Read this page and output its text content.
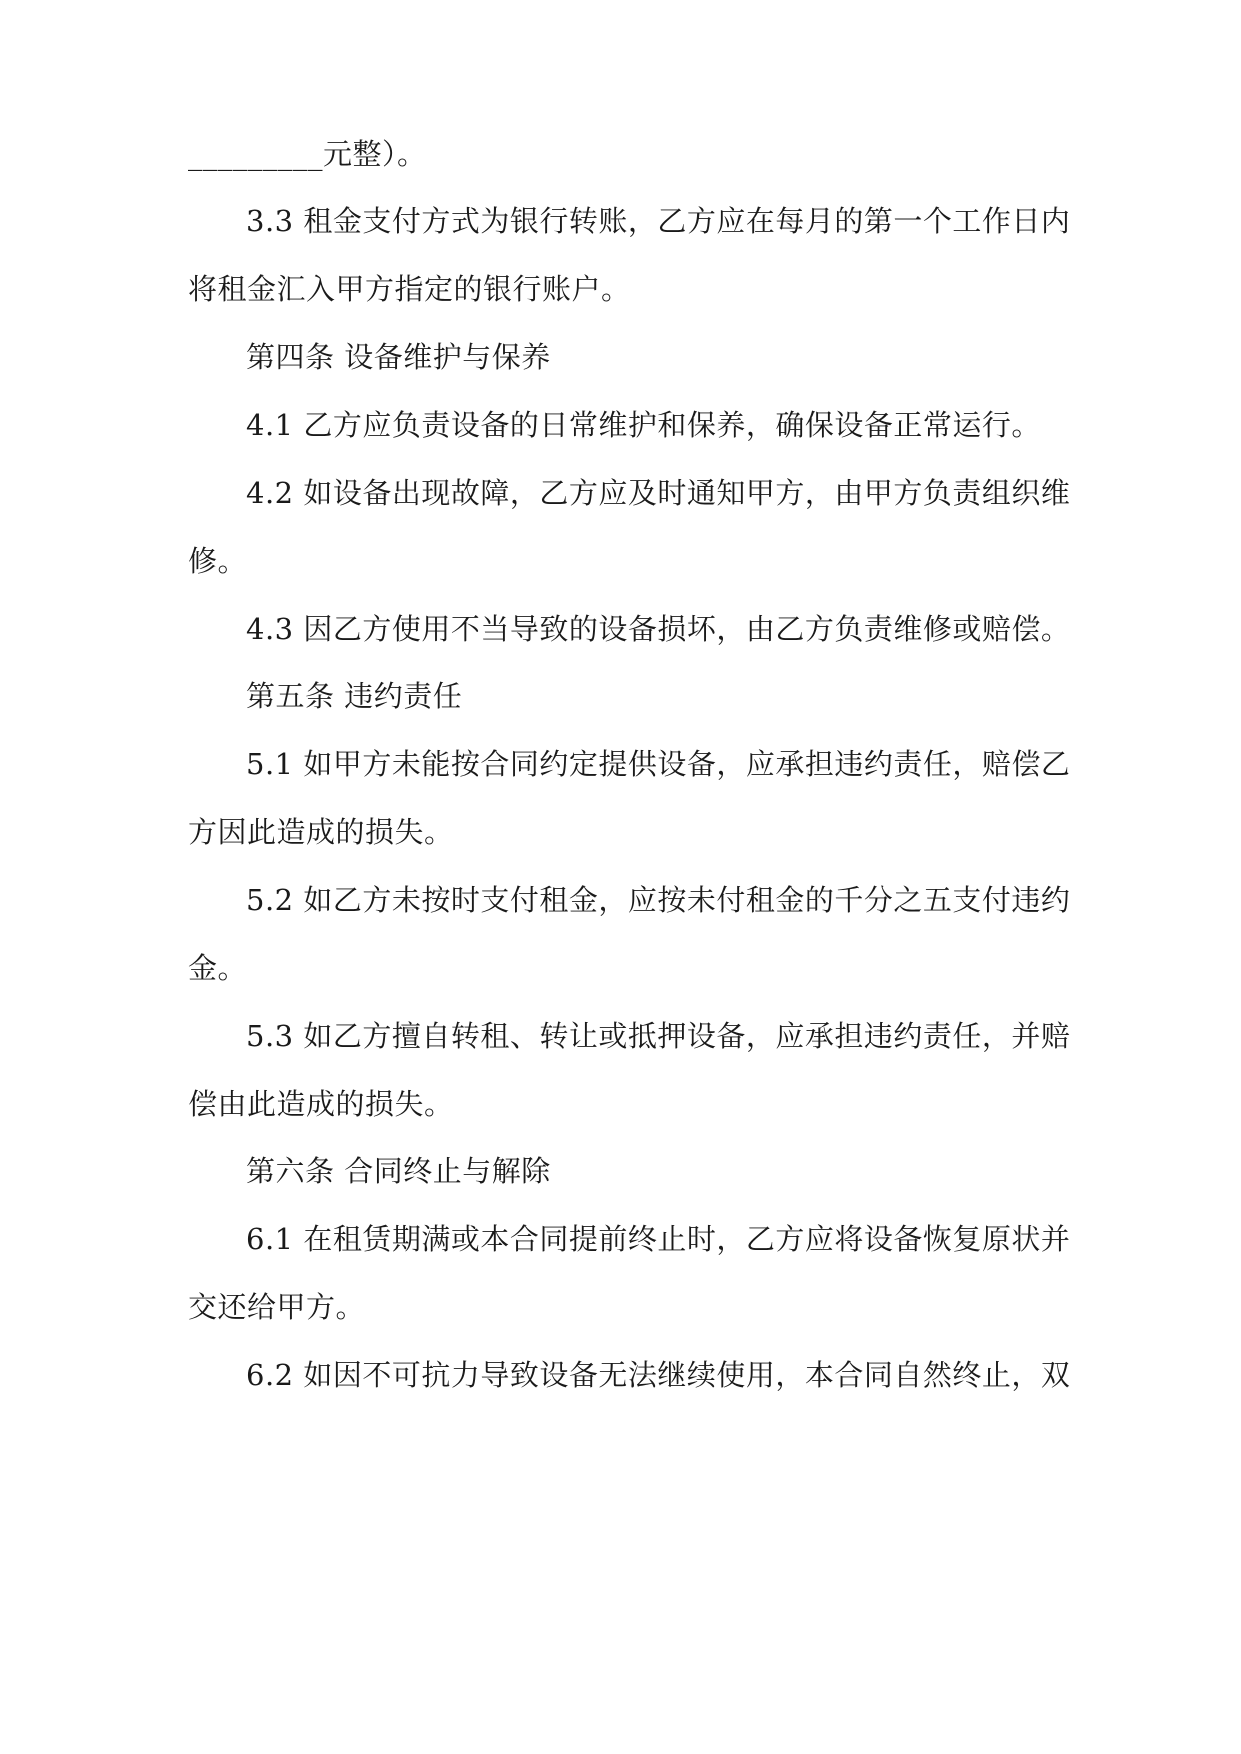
_________元整）。
3.3 租金支付方式为银行转账，乙方应在每月的第一个工作日内
将租金汇入甲方指定的银行账户。
第四条 设备维护与保养
4.1 乙方应负责设备的日常维护和保养，确保设备正常运行。
4.2 如设备出现故障，乙方应及时通知甲方，由甲方负责组织维
修。
4.3 因乙方使用不当导致的设备损坏，由乙方负责维修或赔偿。
第五条 违约责任
5.1 如甲方未能按合同约定提供设备，应承担违约责任，赔偿乙
方因此造成的损失。
5.2 如乙方未按时支付租金，应按未付租金的千分之五支付违约
金。
5.3 如乙方擅自转租、转让或抵押设备，应承担违约责任，并赔
偿由此造成的损失。
第六条 合同终止与解除
6.1 在租赁期满或本合同提前终止时，乙方应将设备恢复原状并
交还给甲方。
6.2 如因不可抗力导致设备无法继续使用，本合同自然终止，双
